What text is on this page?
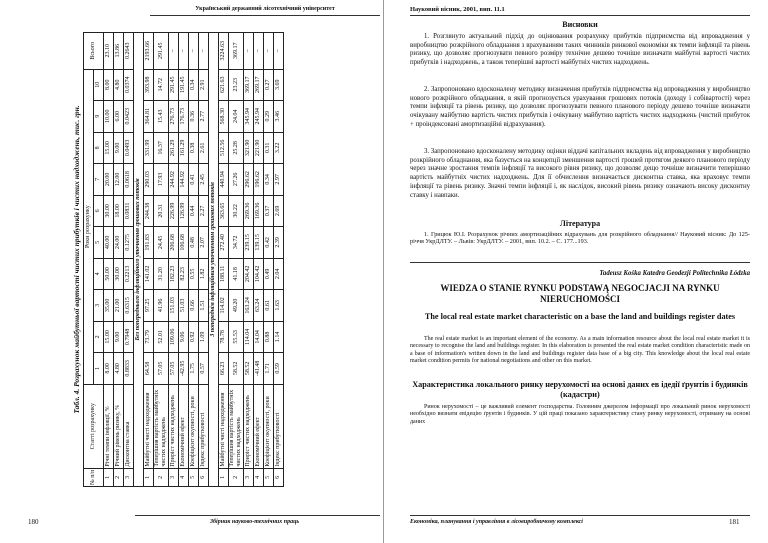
Український державний лісотехнічний університет
180	Збірник науково-технічних праць
Табл. 4. Розрахунок майбутньої вартості чистих прибутків і чистих надходжень, тис. грн.
№ п/п	Статті розрахунку	Роки розрахунку										Всього
		1	2	3	4	5	6	7	8	9	10	
1	Річні темпи інфляції, %	8.00	15.00	35.00	50.00	40.00	30.00	20.00	15.00	10.00	8.00	23.10
2	Річний рівень ризику, %	4.80	9.00	21.00	30.00	24.00	18.00	12.00	9.00	6.00	4.80	13.86
3	Дисконтна ставка	0.8833	0.7948	0.6315	0.2213	0.1275	0.0831	0.0618	0.0493	0.0423	0.0374	0.2643
Без попереднього інфляційного уточнення грошових потоків												
1	Майбутні чисті надходження	64.58	73.79	97.25	141.02	191.83	244.38	290.03	331.99	364.81	393.98	2193.66
2	Теперішня вартість майбутніх чистих надходжень	57.05	52.01	41.96	31.20	24.45	20.31	17.93	16.37	15.43	14.72	291.45
3	Приріст чистих надходжень	57.05	109.06	151.03	182.23	206.68	226.99	244.92	261.29	276.73	291.45	–
4	Економічний ефект	-42.95	9.06	51.03	82.23	106.68	126.99	144.92	161.29	176.73	191.45	–
5	Коефіцієнт окупності, роки	1.75	0.92	0.66	0.55	0.48	0.44	0.41	0.38	0.36	0.34	–
6	Індекс прибутковості	0.57	1.09	1.51	1.82	2.07	2.27	2.45	2.61	2.77	2.91	–
З попереднім інфляційним уточненням грошових потоків												
1	Майбутні чисті надходження	66.23	78.78	114.02	188.11	272.40	363.65	440.94	512.56	568.30	621.63	3224.63
2	Теперішня вартість майбутніх чистих надходжень	58.52	55.53	49.20	41.18	34.72	30.22	27.26	25.28	24.04	23.23	369.17
3	Приріст чистих надходжень	58.52	114.04	163.24	204.42	239.15	269.36	296.62	321.90	345.94	369.17	–
4	Економічний ефект	-41.48	14.04	63.24	104.42	139.15	169.36	196.62	221.90	245.94	269.17	–
5	Коефіцієнт окупності, роки	1.71	0.88	0.61	0.49	0.42	0.37	0.34	0.31	0.29	0.27	–
6	Індекс прибутковості	0.59	1.14	1.63	2.04	2.39	2.69	2.97	3.22	3.46	3.69	–
Науковий вісник, 2001, вип. 11.1
Висновки
1. Розглянуто актуальний підхід до оцінювання розрахунку прибутків підприємства від впровадження у виробництво розкрійного обладнання з врахуванням таких чинників ринкової економіки як темпи інфляції та рівень ризику, що дозволяє прогнозувати певного розміру технічне дешево точніше визначати майбутні вартості чистих прибутків і надходжень, а також теперішні вартості майбутніх чистих надходжень.
2. Запропоновано вдосконалену методику визначення прибутків підприємства від впровадження у виробництво нового розкрійного обладнання, в якій прогнозується урахування грошових потоків (доходу і собівартості) через темпи інфляції та рівень ризику, що дозволяє прогнозувати певного планового періоду дешево точніше визначати очікувану майбутню вартість чистих прибутків і очікувану майбутню вартість чистих надходжень (чистий прибуток + проіндексовані амортизаційні відрахування).
3. Запропоновано вдосконалену методику оцінки віддачі капітальних вкладень від впровадження у виробництво розкрійного обладнання, яка базується на концепції зменшення вартості грошей протягом деякого планового періоду через значне зростання темпів інфляції та високого рівня ризику, що дозволяє дещо точніше визначити теперішню вартість майбутніх чистих надходжень. Для її обчислення визначається дисконтна ставка, яка враховує темпи інфляції та рівень ризику. Значні темпи інфляції і, як наслідок, високий рівень ризику означають високу дисконтну ставку і навпаки.
Література
1. Грицюк Ю.І. Розрахунок річних амортизаційних відрахувань для розкрійного обладнання// Науковий вісник: До 125-річчя УкрДЛТУ. – Львів: УкрДЛТУ. – 2001, вип. 10.2. – С. 177...193.
Tadeusz Kośka Katedra Geodezji Politechnika Łódzka
WIEDZA O STANIE RYNKU PODSTAWĄ NEGOCJACJI NA RYNKU NIERUCHOMOŚCI
The local real estate market characteristic on a base the land and buildings register dates
The real estate market is an important element of the economy. As a main information resource about the local real estate market it is necessary to recognise the land and buildings register. In this elaboration is presented the real estate market condition characteristic made on a base of information's written down in the land and buildings register data base of a big city. This knowledge about the local real estate market condition permits for national negotiations and other on this market.
Характеристика локального ринку нерухомості на основі даних ев ідедії ґрунтів і будинків (кадастри)
Ринок нерухомості – це важливий елемент господарства. Головним джерелом інформації про локальний ринок нерухомості необхідно визнати евідецію ґрунтів і будинків. У цій праці показано характеристику стану ринку нерухомості, отриману на основі даних
Економіка, планування і управління в лісовиробничому комплексі	181
